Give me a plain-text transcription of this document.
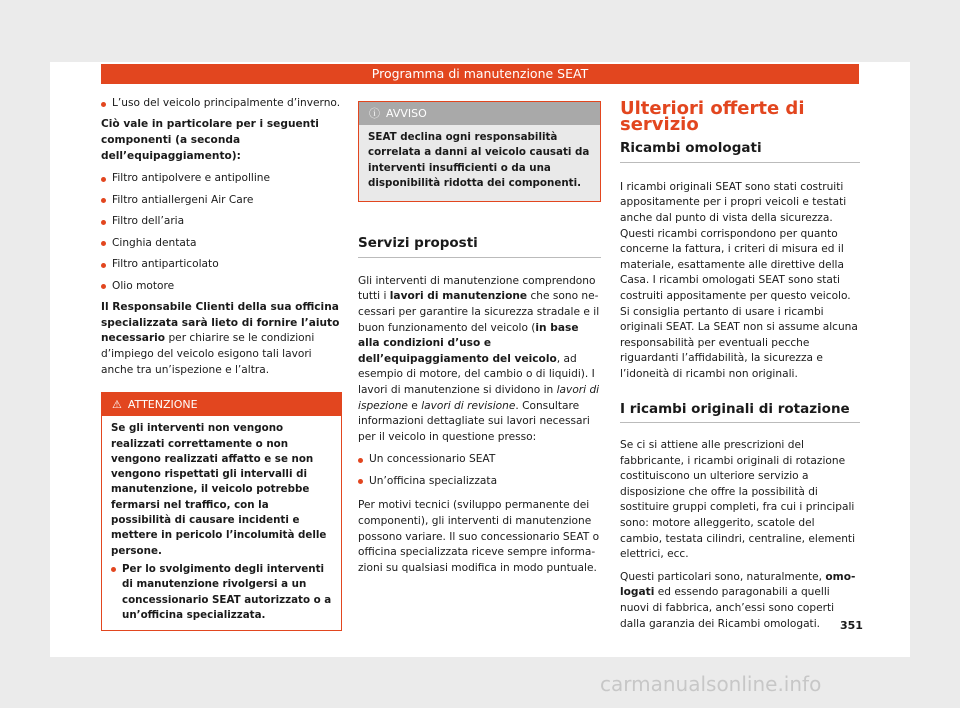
Programma di manutenzione SEAT
L’uso del veicolo principalmente d’inverno.

Ciò vale in particolare per i seguenti componenti (a seconda dell’equipaggiamento):

Filtro antipolvere e antipolline
Filtro antiallergeni Air Care
Filtro dell’aria
Cinghia dentata
Filtro antiparticolato
Olio motore

Il Responsabile Clienti della sua officina specializzata sarà lieto di fornire l’aiuto necessario per chiarire se le condizioni d’impiego del veicolo esigono tali lavori anche tra un’ispezione e l’altra.

⚠ ATTENZIONE

Se gli interventi non vengono realizzati correttamente o non vengono realizzati affatto e se non vengono rispettati gli intervalli di manutenzione, il veicolo potrebbe fermarsi nel traffico, con la possibilità di causare incidenti e mettere in pericolo l’incolumità delle persone.

Per lo svolgimento degli interventi di manutenzione rivolgersi a un concessionario SEAT autorizzato o a un’officina specializzata.
ⓘ AVVISO

SEAT declina ogni responsabilità correlata a danni al veicolo causati da interventi insufficienti o da una disponibilità ridotta dei componenti.

Servizi proposti

Gli interventi di manutenzione comprendono tutti i lavori di manutenzione che sono necessari per garantire la sicurezza stradale e il buon funzionamento del veicolo (in base alla condizioni d’uso e dell’equipaggiamento del veicolo, ad esempio di motore, del cambio o di liquidi). I lavori di manutenzione si dividono in lavori di ispezione e lavori di revisione. Consultare informazioni dettagliate sui lavori necessari per il veicolo in questione presso:

Un concessionario SEAT
Un’officina specializzata

Per motivi tecnici (sviluppo permanente dei componenti), gli interventi di manutenzione possono variare. Il suo concessionario SEAT o officina specializzata riceve sempre informazioni su qualsiasi modifica in modo puntuale.

Ulteriori offerte di servizio
Ricambi omologati

I ricambi originali SEAT sono stati costruiti appositamente per i propri veicoli e testati anche dal punto di vista della sicurezza. Questi ricambi corrispondono per quanto concerne la fattura, i criteri di misura ed il materiale, esattamente alle direttive della Casa. I ricambi omologati SEAT sono stati costruiti appositamente per questo veicolo. Si consiglia pertanto di usare i ricambi originali SEAT. La SEAT non si assume alcuna responsabilità per eventuali pecche riguardanti l’affidabilità, la sicurezza e l’idoneità di ricambi non originali.

I ricambi originali di rotazione

Se ci si attiene alle prescrizioni del fabbricante, i ricambi originali di rotazione costituiscono un ulteriore servizio a disposizione che offre la possibilità di sostituire gruppi completi, fra cui i principali sono: motore alleggerito, scatole del cambio, testata cilindri, centraline, elementi elettrici, ecc.

Questi particolari sono, naturalmente, omologati ed essendo paragonabili a quelli nuovi di fabbrica, anch’essi sono coperti dalla garanzia dei Ricambi omologati.	351
carmanualsonline.info
